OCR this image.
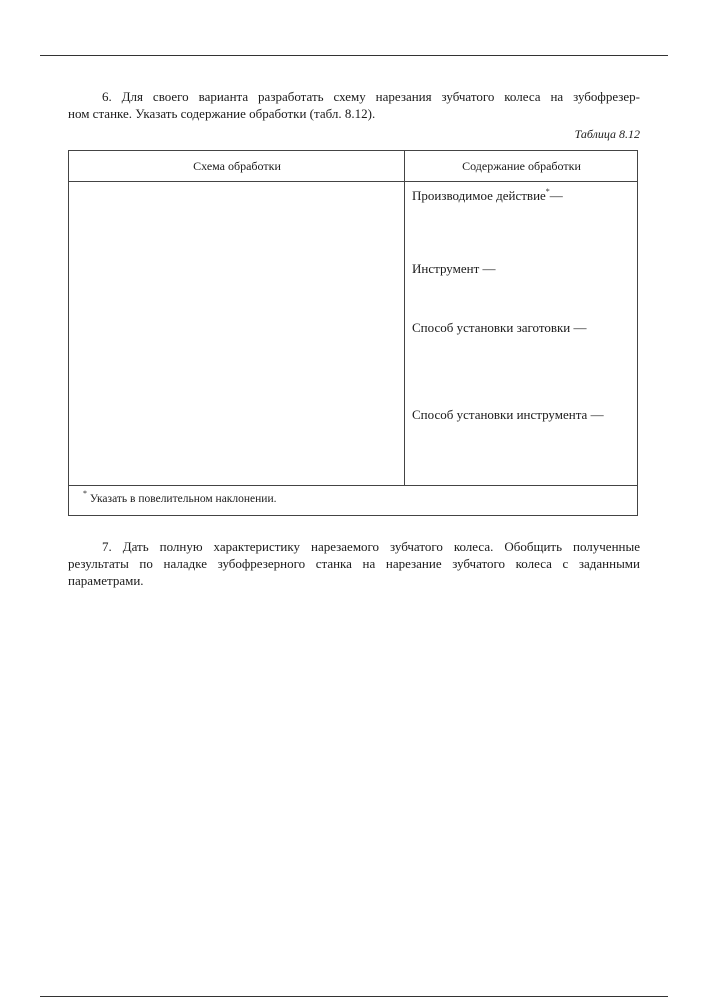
6. Для своего варианта разработать схему нарезания зубчатого колеса на зубофрезер-
ном станке. Указать содержание обработки (табл. 8.12).
Таблица 8.12
Схема обработки	Содержание обработки
Производимое действие*—
Инструмент —
Способ установки заготовки —
Способ установки инструмента —
* Указать в повелительном наклонении.
7. Дать полную характеристику нарезаемого зубчатого колеса. Обобщить полученные
результаты по наладке зубофрезерного станка на нарезание зубчатого колеса с заданными
параметрами.
